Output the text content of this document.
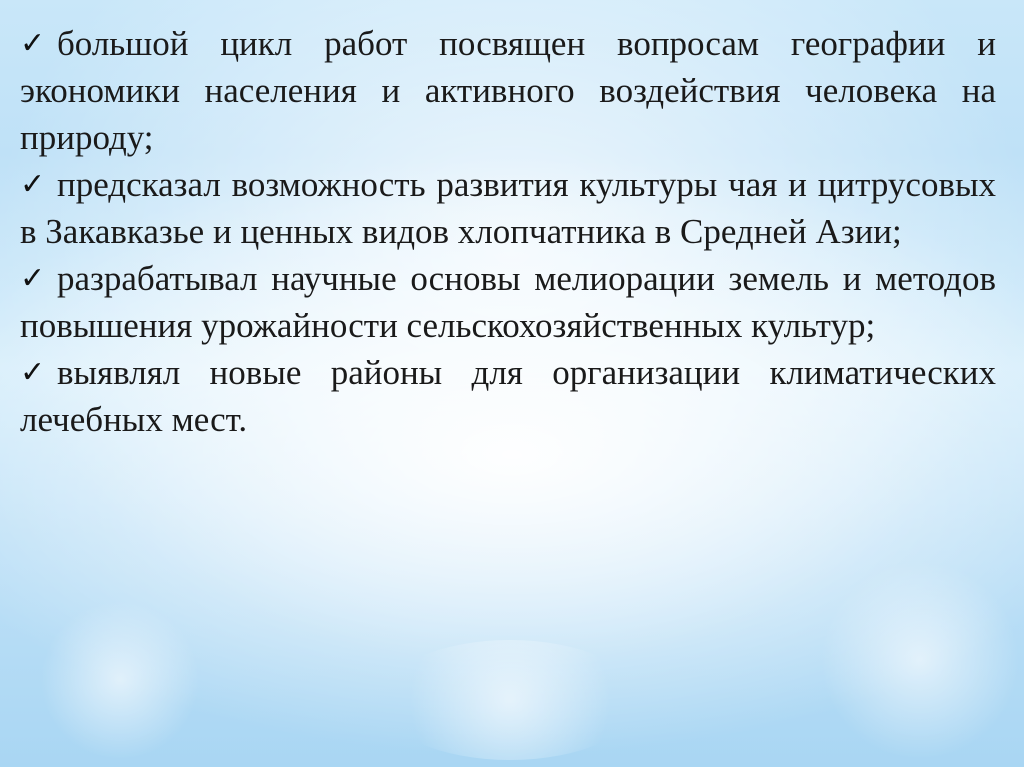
✓ большой цикл работ посвящен вопросам географии и экономики населения и активного воздействия человека на природу;
✓ предсказал возможность развития культуры чая и цитрусовых в Закавказье и ценных видов хлопчатника в Средней Азии;
✓ разрабатывал научные основы мелиорации земель и методов повышения урожайности сельскохозяйственных культур;
✓ выявлял новые районы для организации климатических лечебных мест.
